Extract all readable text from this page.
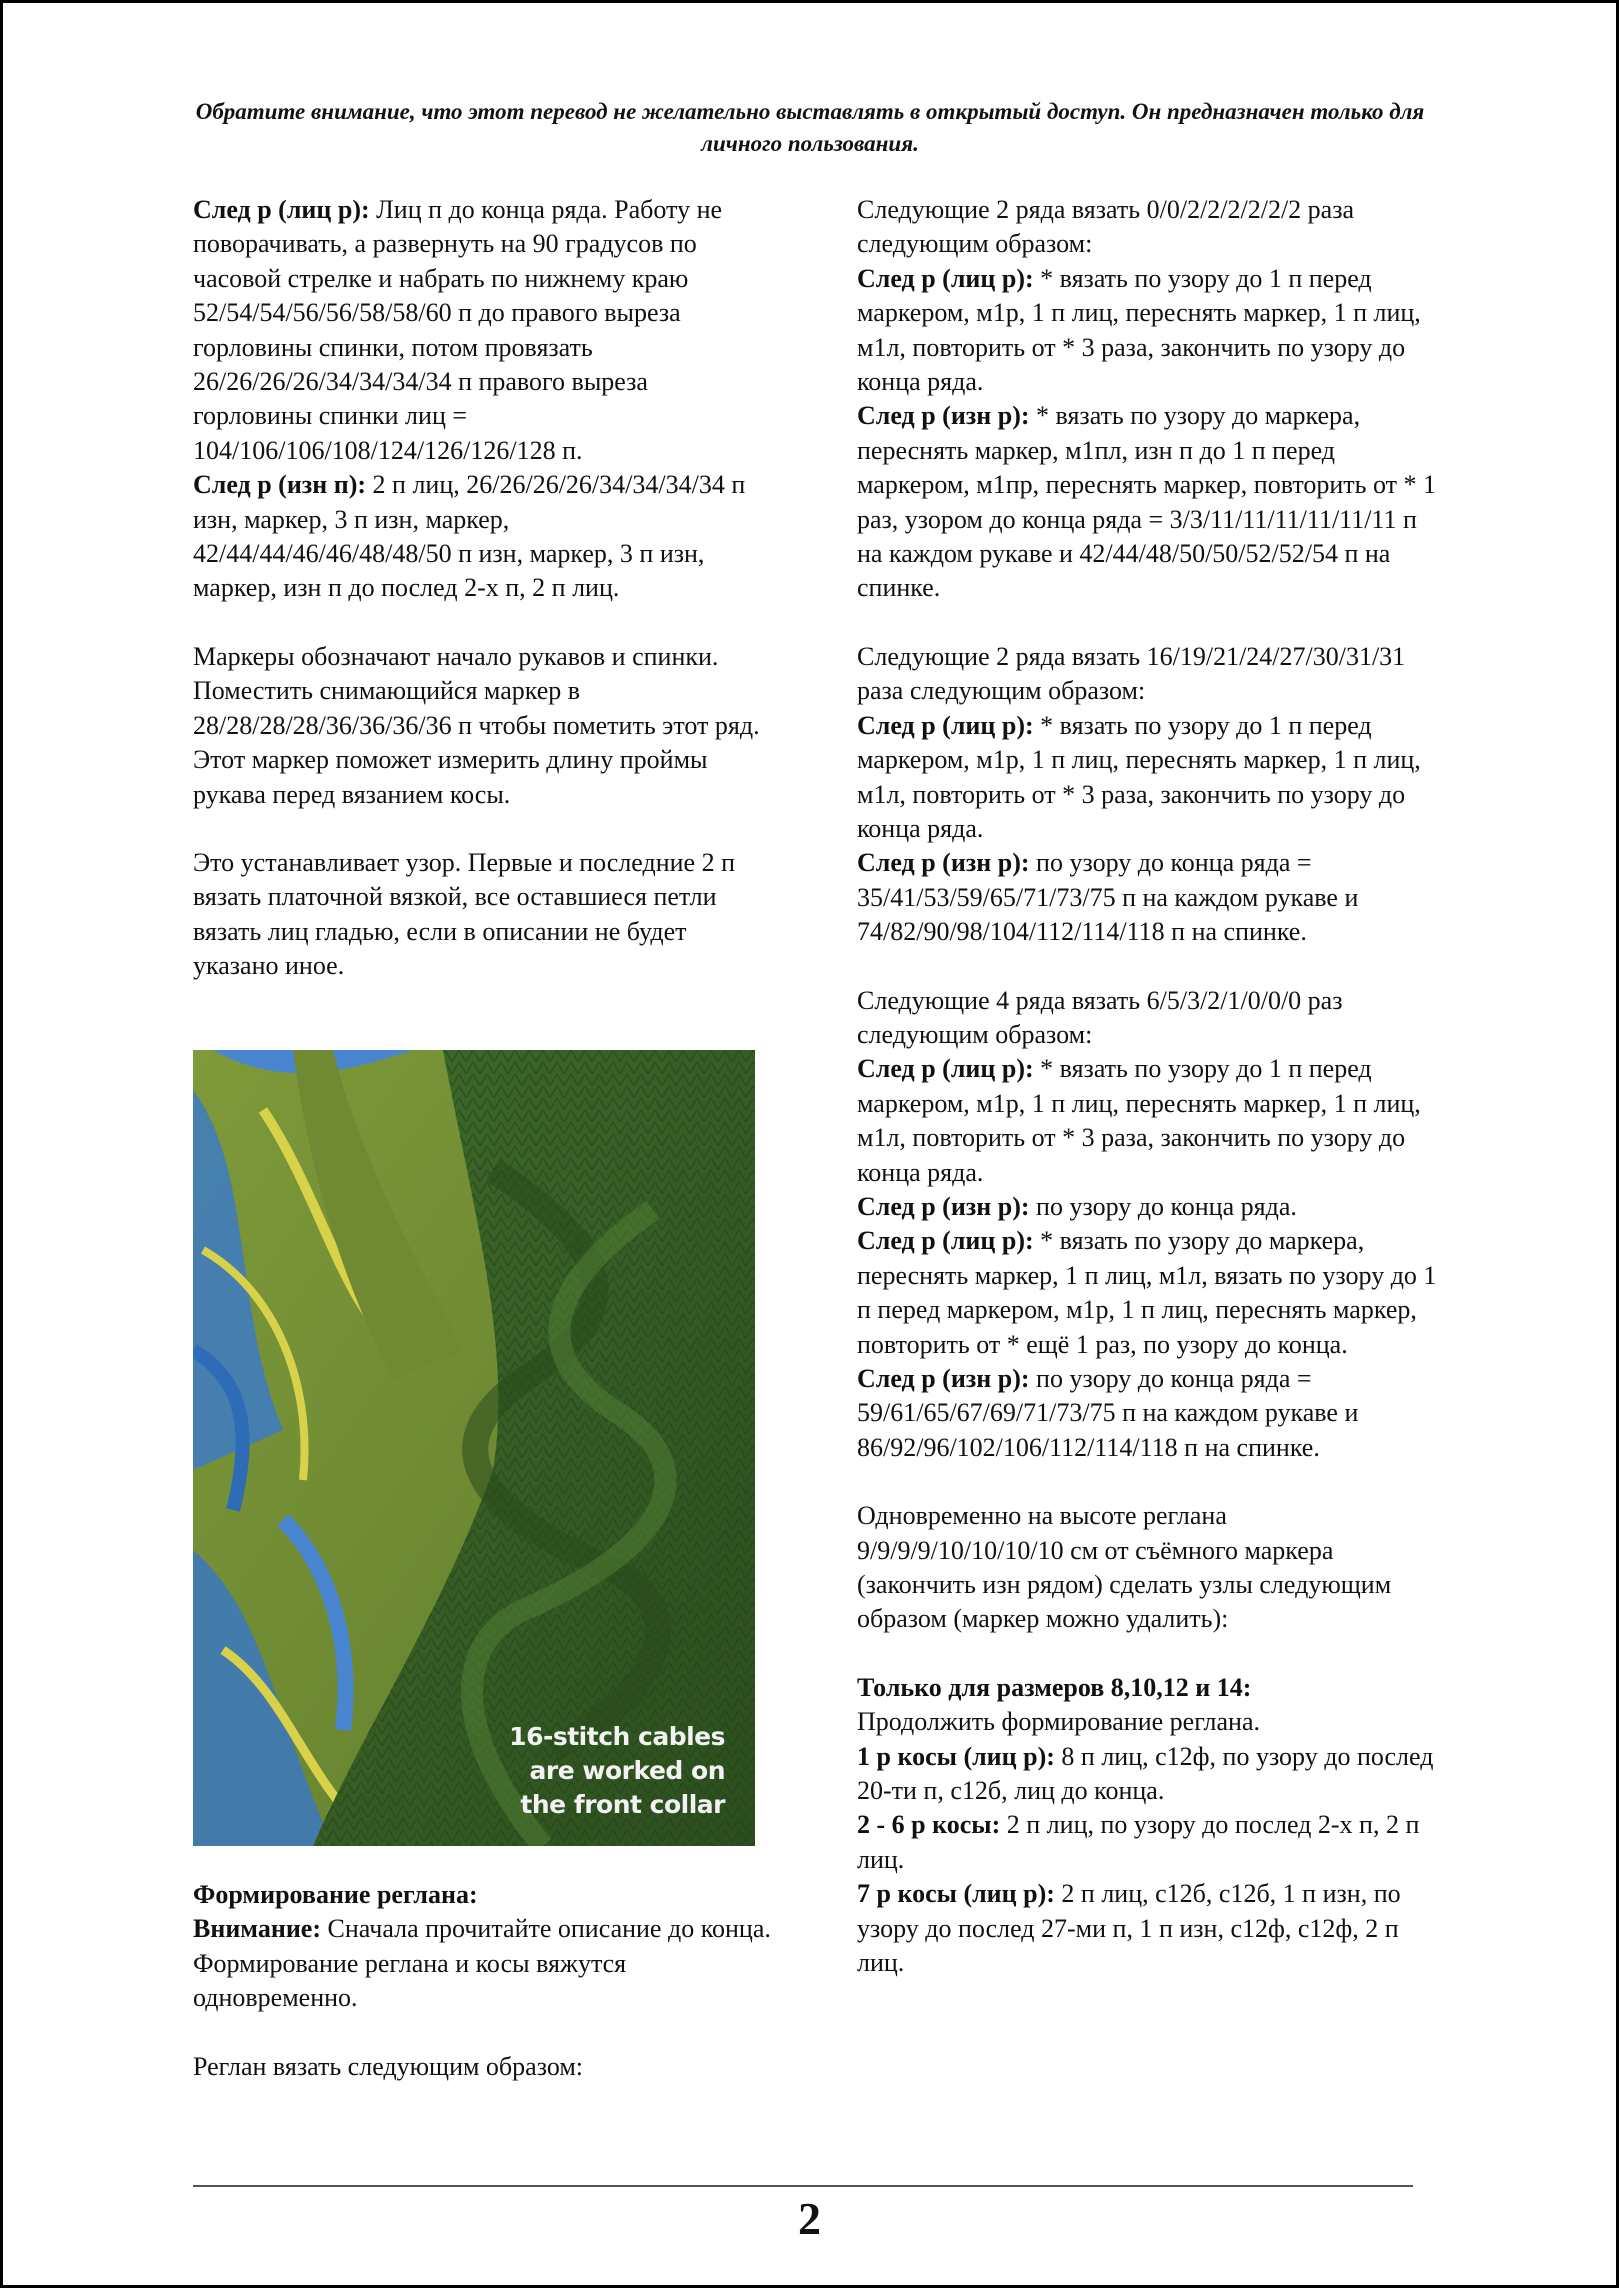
Обратите внимание, что этот перевод не желательно выставлять в открытый доступ. Он предназначен только для личного пользования.

След р (лиц р): Лиц п до конца ряда. Работу не поворачивать, а развернуть на 90 градусов по часовой стрелке и набрать по нижнему краю 52/54/54/56/56/58/58/60 п до правого выреза горловины спинки, потом провязать 26/26/26/26/34/34/34/34 п правого выреза горловины спинки лиц = 104/106/106/108/124/126/126/128 п.

След р (изн п): 2 п лиц, 26/26/26/26/34/34/34/34 п изн, маркер, 3 п изн, маркер, 42/44/44/46/46/48/48/50 п изн, маркер, 3 п изн, маркер, изн п до послед 2-х п, 2 п лиц.

Маркеры обозначают начало рукавов и спинки. Поместить снимающийся маркер в 28/28/28/28/36/36/36/36 п чтобы пометить этот ряд. Этот маркер поможет измерить длину проймы рукава перед вязанием косы.

Это устанавливает узор. Первые и последние 2 п вязать платочной вязкой, все оставшиеся петли вязать лиц гладью, если в описании не будет указано иное.

16-stitch cables
are worked on
the front collar

Формирование реглана:

Внимание: Сначала прочитайте описание до конца. Формирование реглана и косы вяжутся одновременно.

Реглан вязать следующим образом:

Следующие 2 ряда вязать 0/0/2/2/2/2/2/2 раза следующим образом:

След р (лиц р): * вязать по узору до 1 п перед маркером, м1р, 1 п лиц, переснять маркер, 1 п лиц, м1л, повторить от * 3 раза, закончить по узору до конца ряда.

След р (изн р): * вязать по узору до маркера, переснять маркер, м1пл, изн п до 1 п перед маркером, м1пр, переснять маркер, повторить от * 1 раз, узором до конца ряда = 3/3/11/11/11/11/11/11 п на каждом рукаве и 42/44/48/50/50/52/52/54 п на спинке.

Следующие 2 ряда вязать 16/19/21/24/27/30/31/31 раза следующим образом:

След р (лиц р): * вязать по узору до 1 п перед маркером, м1р, 1 п лиц, переснять маркер, 1 п лиц, м1л, повторить от * 3 раза, закончить по узору до конца ряда.

След р (изн р): по узору до конца ряда = 35/41/53/59/65/71/73/75 п на каждом рукаве и 74/82/90/98/104/112/114/118 п на спинке.

Следующие 4 ряда вязать 6/5/3/2/1/0/0/0 раз следующим образом:

След р (лиц р): * вязать по узору до 1 п перед маркером, м1р, 1 п лиц, переснять маркер, 1 п лиц, м1л, повторить от * 3 раза, закончить по узору до конца ряда.

След р (изн р): по узору до конца ряда.

След р (лиц р): * вязать по узору до маркера, переснять маркер, 1 п лиц, м1л, вязать по узору до 1 п перед маркером, м1р, 1 п лиц, переснять маркер, повторить от * ещё 1 раз, по узору до конца.

След р (изн р): по узору до конца ряда = 59/61/65/67/69/71/73/75 п на каждом рукаве и 86/92/96/102/106/112/114/118 п на спинке.

Одновременно на высоте реглана 9/9/9/9/10/10/10/10 см от съёмного маркера (закончить изн рядом) сделать узлы следующим образом (маркер можно удалить):

Только для размеров 8,10,12 и 14:

Продолжить формирование реглана.

1 р косы (лиц р): 8 п лиц, с12ф, по узору до послед 20-ти п, с12б, лиц до конца.

2 - 6 р косы: 2 п лиц, по узору до послед 2-х п, 2 п лиц.

7 р косы (лиц р): 2 п лиц, с12б, с12б, 1 п изн, по узору до послед 27-ми п, 1 п изн, с12ф, с12ф, 2 п лиц.

2
